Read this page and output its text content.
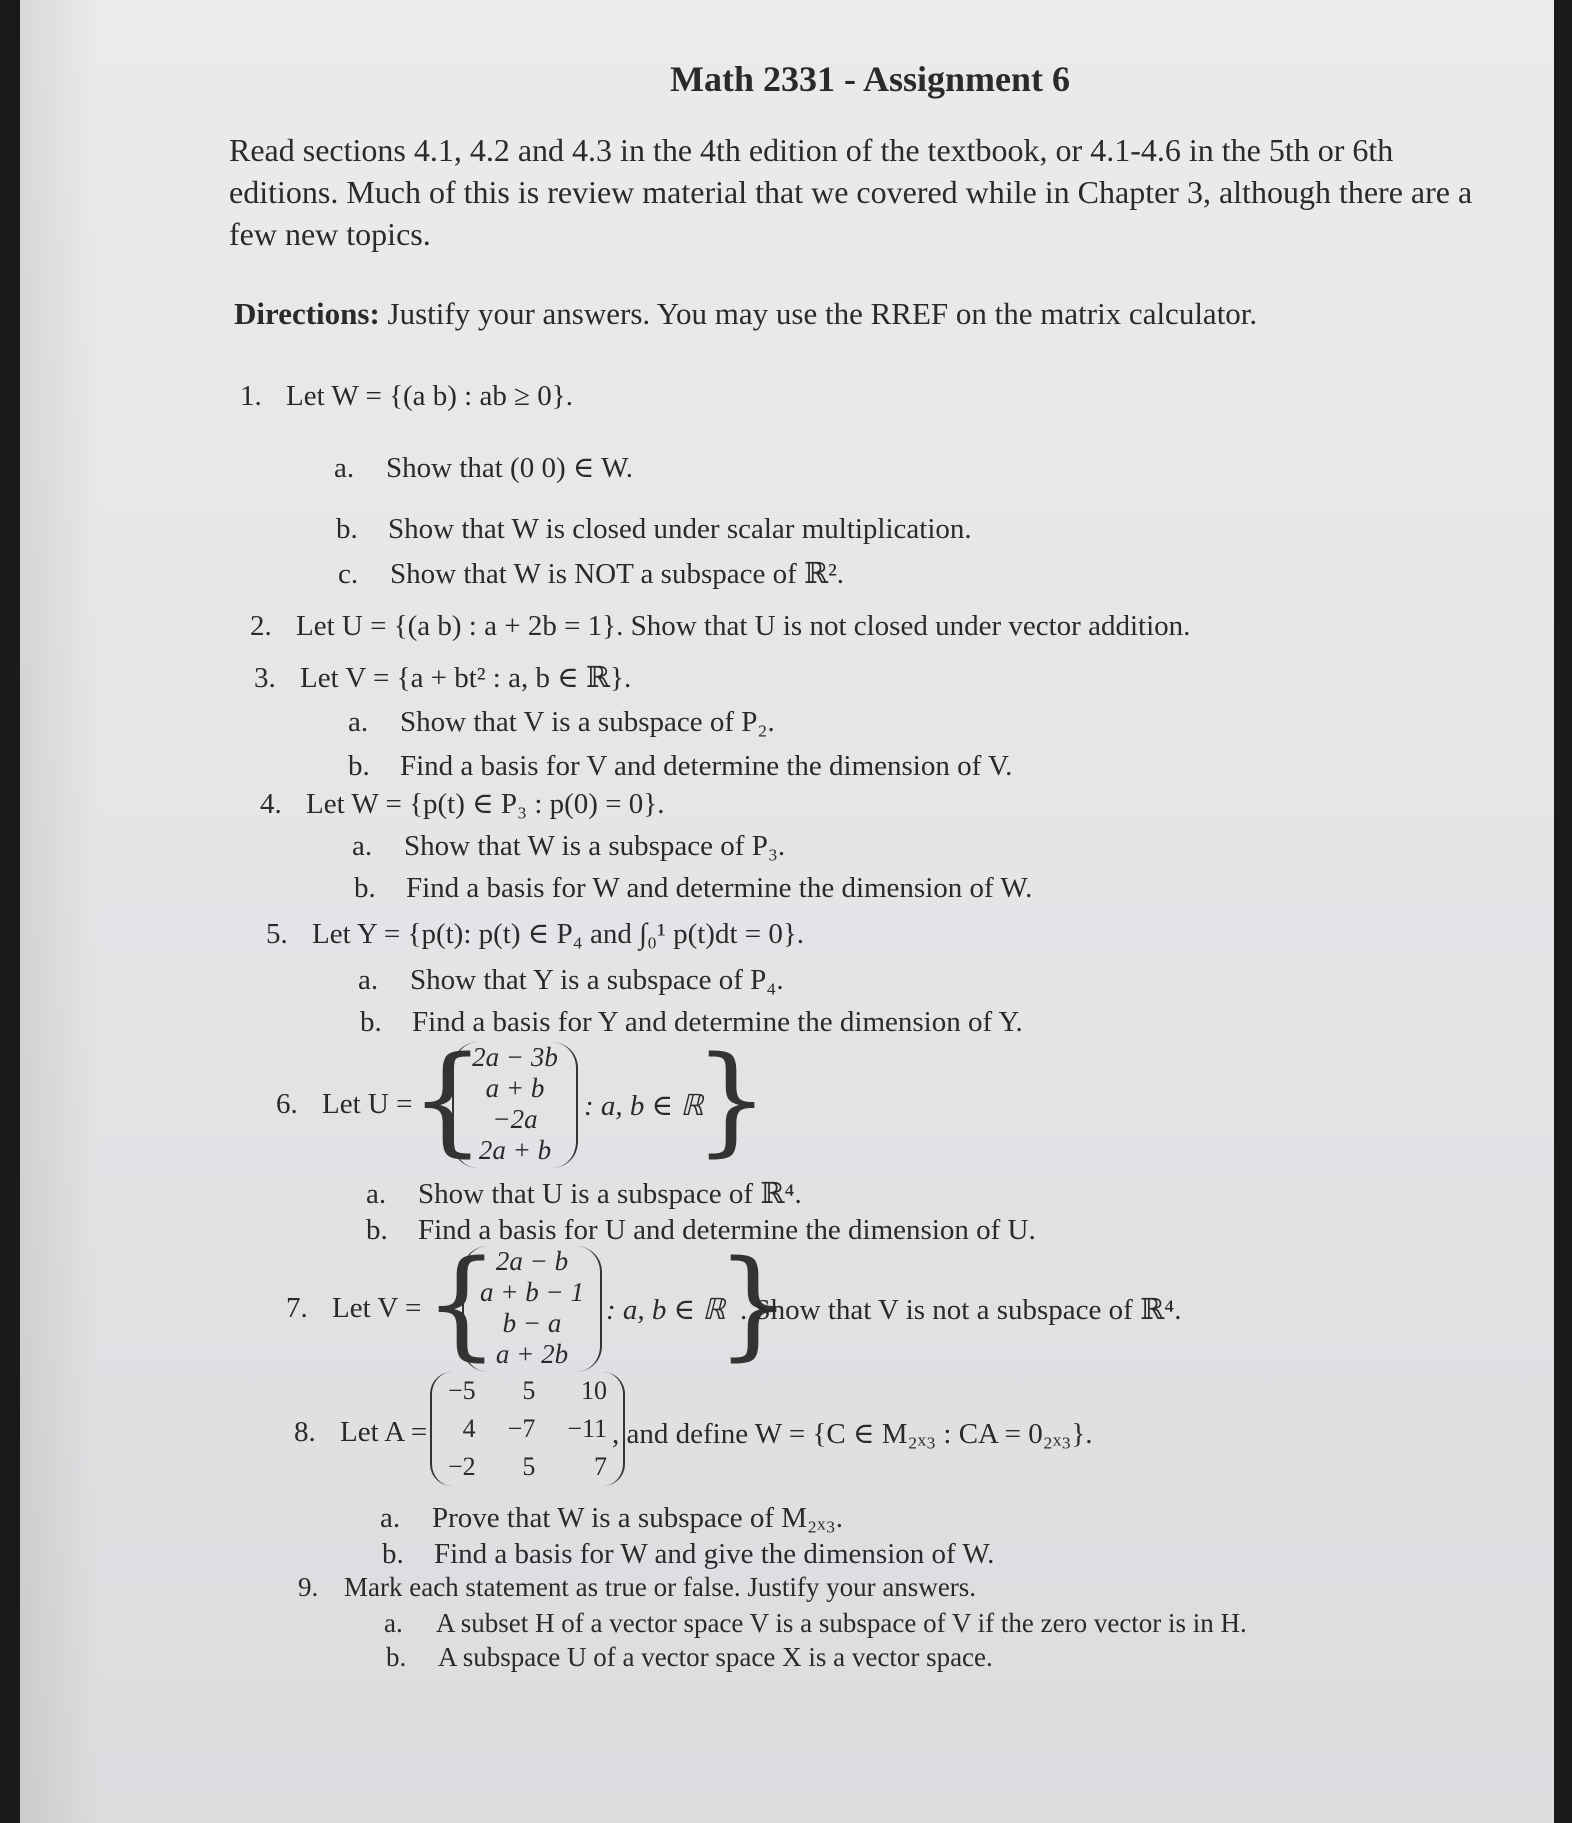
Math 2331 - Assignment 6
Read sections 4.1, 4.2 and 4.3 in the 4th edition of the textbook, or 4.1-4.6 in the 5th or 6th
editions. Much of this is review material that we covered while in Chapter 3, although there are a
few new topics.
Directions: Justify your answers. You may use the RREF on the matrix calculator.
1. Let W = {(a b) : ab ≥ 0}.
a. Show that (0 0) ∈ W.
b. Show that W is closed under scalar multiplication.
c. Show that W is NOT a subspace of ℝ².
2. Let U = {(a b) : a + 2b = 1}. Show that U is not closed under vector addition.
3. Let V = {a + bt² : a, b ∈ ℝ}.
a. Show that V is a subspace of P₂.
b. Find a basis for V and determine the dimension of V.
4. Let W = {p(t) ∈ P₃ : p(0) = 0}.
a. Show that W is a subspace of P₃.
b. Find a basis for W and determine the dimension of W.
5. Let Y = {p(t): p(t) ∈ P₄ and ∫₀¹ p(t)dt = 0}.
a. Show that Y is a subspace of P₄.
b. Find a basis for Y and determine the dimension of Y.
6. Let U =
{
2a − 3b
a + b
−2a
2a + b
: a, b ∈ ℝ
}
a. Show that U is a subspace of ℝ⁴.
b. Find a basis for U and determine the dimension of U.
7. Let V = {
2a − b
a + b − 1
b − a
a + 2b
: a, b ∈ ℝ
}
. Show that V is not a subspace of ℝ⁴.
8. Let A =
−5	5	10
4	−7	−11
−2	5	7
, and define W = {C ∈ M₂ₓ₃ : CA = 0₂ₓ₃}.
a. Prove that W is a subspace of M₂ₓ₃.
b. Find a basis for W and give the dimension of W.
9. Mark each statement as true or false. Justify your answers.
a. A subset H of a vector space V is a subspace of V if the zero vector is in H.
b. A subspace U of a vector space X is a vector space.
